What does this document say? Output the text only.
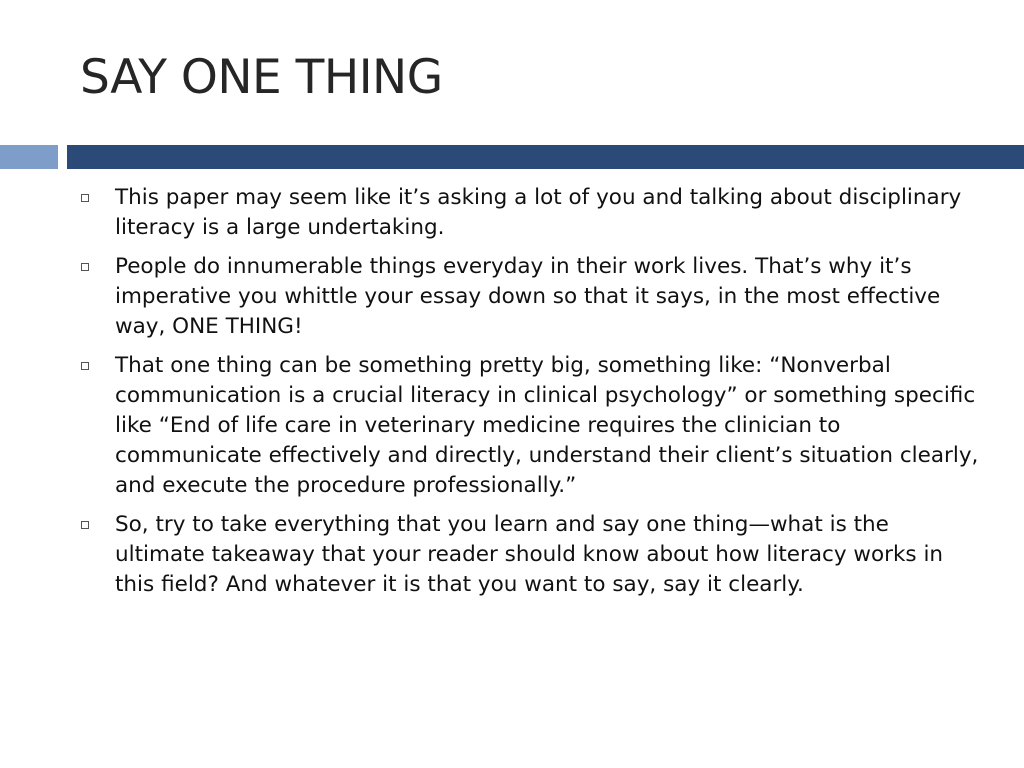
SAY ONE THING
This paper may seem like it’s asking a lot of you and talking about disciplinary literacy is a large undertaking.
People do innumerable things everyday in their work lives. That’s why it’s imperative you whittle your essay down so that it says, in the most effective way, ONE THING!
That one thing can be something pretty big, something like: “Nonverbal communication is a crucial literacy in clinical psychology” or something specific like “End of life care in veterinary medicine requires the clinician to communicate effectively and directly, understand their client’s situation clearly, and execute the procedure professionally.”
So, try to take everything that you learn and say one thing—what is the ultimate takeaway that your reader should know about how literacy works in this field? And whatever it is that you want to say, say it clearly.
